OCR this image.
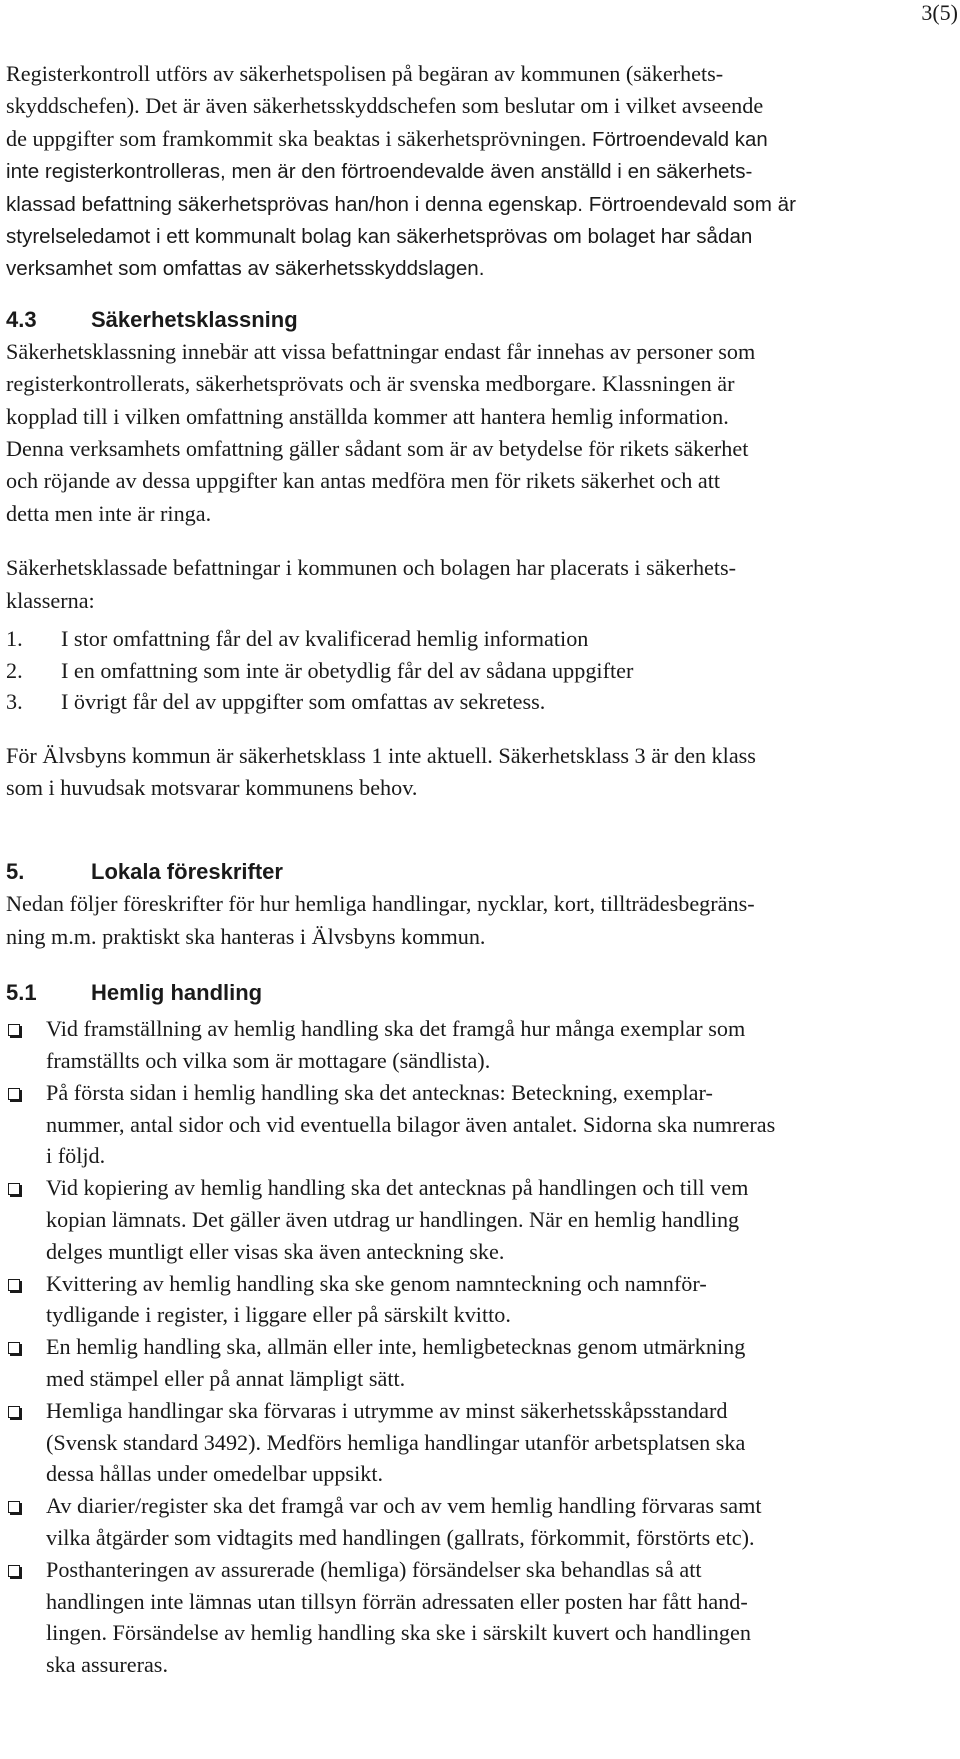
3(5)

Registerkontroll utförs av säkerhetspolisen på begäran av kommunen (säkerhets-

skyddschefen). Det är även säkerhetsskyddschefen som beslutar om i vilket avseende

de uppgifter som framkommit ska beaktas i säkerhetsprövningen. Förtroendevald kan

inte registerkontrolleras, men är den förtroendevalde även anställd i en säkerhets-
klassad befattning säkerhetsprövas han/hon i denna egenskap. Förtroendevald som är
styrelseledamot i ett kommunalt bolag kan säkerhetsprövas om bolaget har sådan
verksamhet som omfattas av säkerhetsskyddslagen.
4.3	Säkerhetsklassning

Säkerhetsklassning innebär att vissa befattningar endast får innehas av personer som

registerkontrollerats, säkerhetsprövats och är svenska medborgare. Klassningen är

kopplad till i vilken omfattning anställda kommer att hantera hemlig information.

Denna verksamhets omfattning gäller sådant som är av betydelse för rikets säkerhet

och röjande av dessa uppgifter kan antas medföra men för rikets säkerhet och att

detta men inte är ringa.

Säkerhetsklassade befattningar i kommunen och bolagen har placerats i säkerhets-

klasserna:

1.	I stor omfattning får del av kvalificerad hemlig information
2.	I en omfattning som inte är obetydlig får del av sådana uppgifter
3.	I övrigt får del av uppgifter som omfattas av sekretess.

För Älvsbyns kommun är säkerhetsklass 1 inte aktuell. Säkerhetsklass 3 är den klass

som i huvudsak motsvarar kommunens behov.

5.	Lokala föreskrifter

Nedan följer föreskrifter för hur hemliga handlingar, nycklar, kort, tillträdesbegräns-

ning m.m. praktiskt ska hanteras i Älvsbyns kommun.

5.1	Hemlig handling
Vid framställning av hemlig handling ska det framgå hur många exemplar som
framställts och vilka som är mottagare (sändlista).
På första sidan i hemlig handling ska det antecknas: Beteckning, exemplar-
nummer, antal sidor och vid eventuella bilagor även antalet. Sidorna ska numreras
i följd.
Vid kopiering av hemlig handling ska det antecknas på handlingen och till vem
kopian lämnats. Det gäller även utdrag ur handlingen. När en hemlig handling
delges muntligt eller visas ska även anteckning ske.
Kvittering av hemlig handling ska ske genom namnteckning och namnför-
tydligande i register, i liggare eller på särskilt kvitto.
En hemlig handling ska, allmän eller inte, hemligbetecknas genom utmärkning
med stämpel eller på annat lämpligt sätt.
Hemliga handlingar ska förvaras i utrymme av minst säkerhetsskåpsstandard
(Svensk standard 3492). Medförs hemliga handlingar utanför arbetsplatsen ska
dessa hållas under omedelbar uppsikt.
Av diarier/register ska det framgå var och av vem hemlig handling förvaras samt
vilka åtgärder som vidtagits med handlingen (gallrats, förkommit, förstörts etc).
Posthanteringen av assurerade (hemliga) försändelser ska behandlas så att
handlingen inte lämnas utan tillsyn förrän adressaten eller posten har fått hand-
lingen. Försändelse av hemlig handling ska ske i särskilt kuvert och handlingen
ska assureras.
